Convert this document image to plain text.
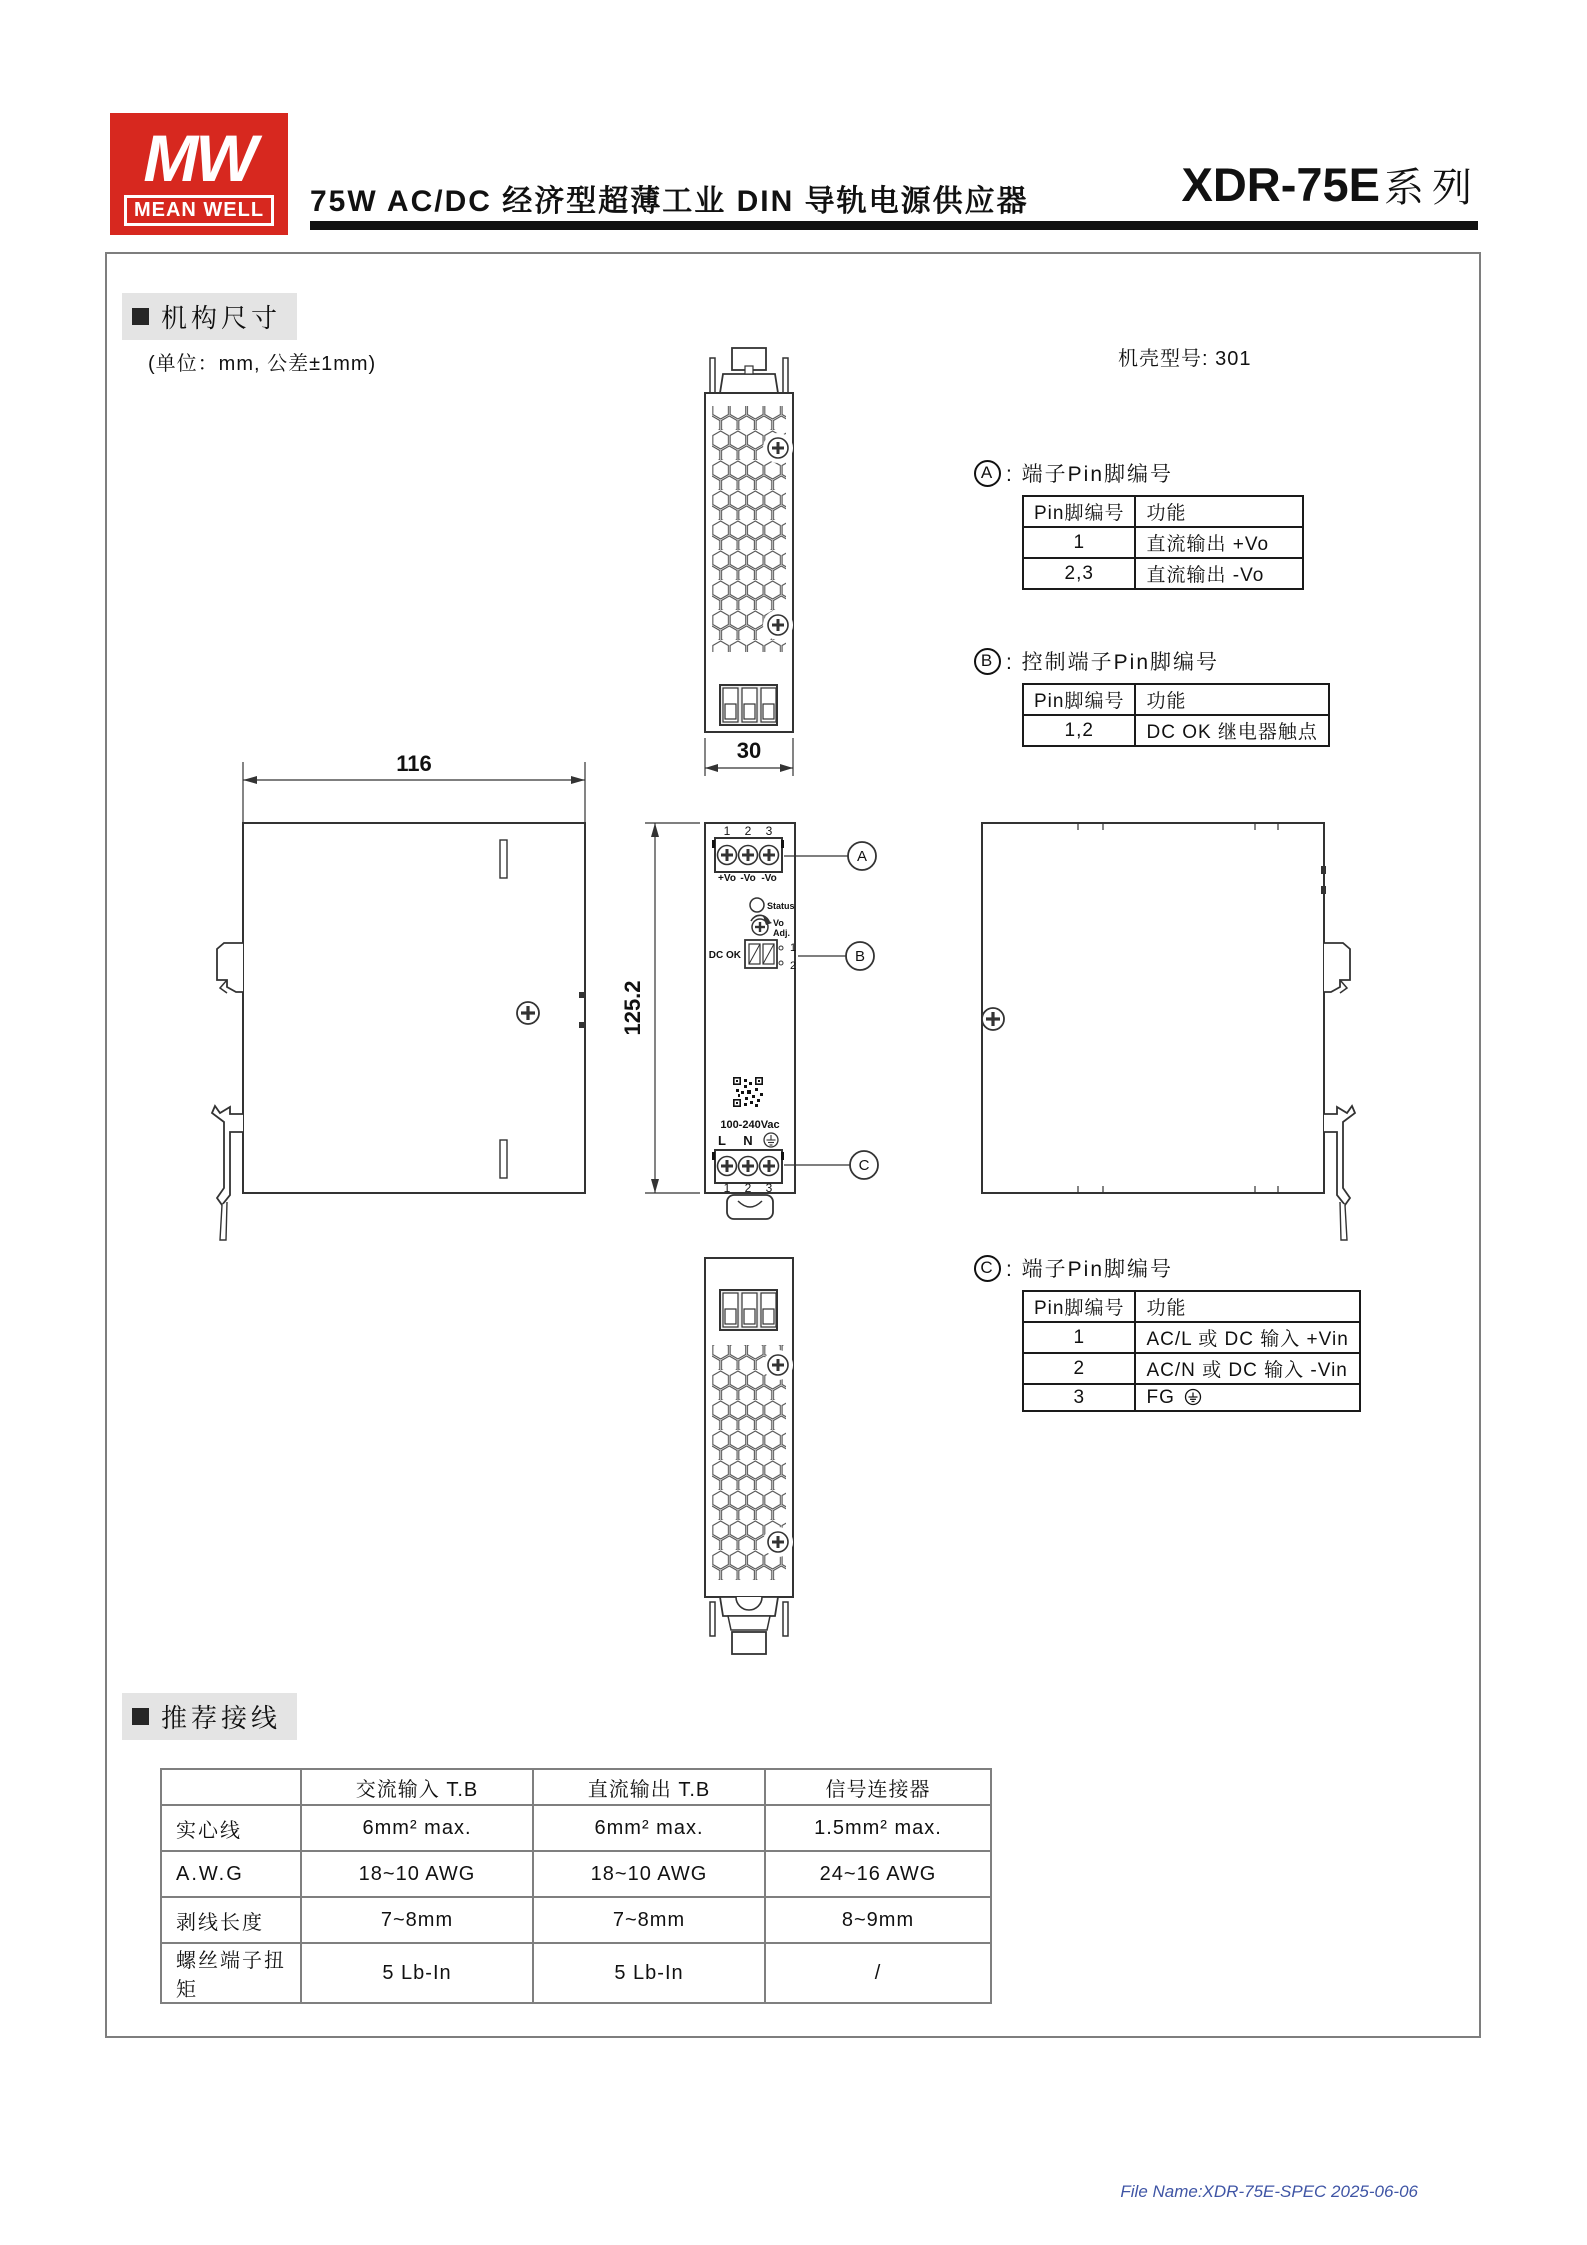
MW
MEAN WELL	75W AC/DC 经济型超薄工业 DIN 导轨电源供应器	XDR-75E 系列
机构尺寸
(单位：mm, 公差±1mm)	机壳型号: 301
30
116
125.2
1 2 3
+Vo -Vo -Vo
Status
Vo
Adj.
DC OK
1
2
100-240Vac
L N
1 2 3
A
B
C
A : 端子Pin脚编号
Pin脚编号	功能
1	直流输出 +Vo
2,3	直流输出 -Vo
B : 控制端子Pin脚编号
Pin脚编号	功能
1,2	DC OK 继电器触点
C : 端子Pin脚编号
Pin脚编号	功能
1	AC/L 或 DC 输入 +Vin
2	AC/N 或 DC 输入 -Vin
3	FG
推荐接线
	交流输入 T.B	直流输出 T.B	信号连接器
实心线	6mm² max.	6mm² max.	1.5mm² max.
A.W.G	18~10 AWG	18~10 AWG	24~16 AWG
剥线长度	7~8mm	7~8mm	8~9mm
螺丝端子扭矩	5 Lb-In	5 Lb-In	/
File Name:XDR-75E-SPEC 2025-06-06
